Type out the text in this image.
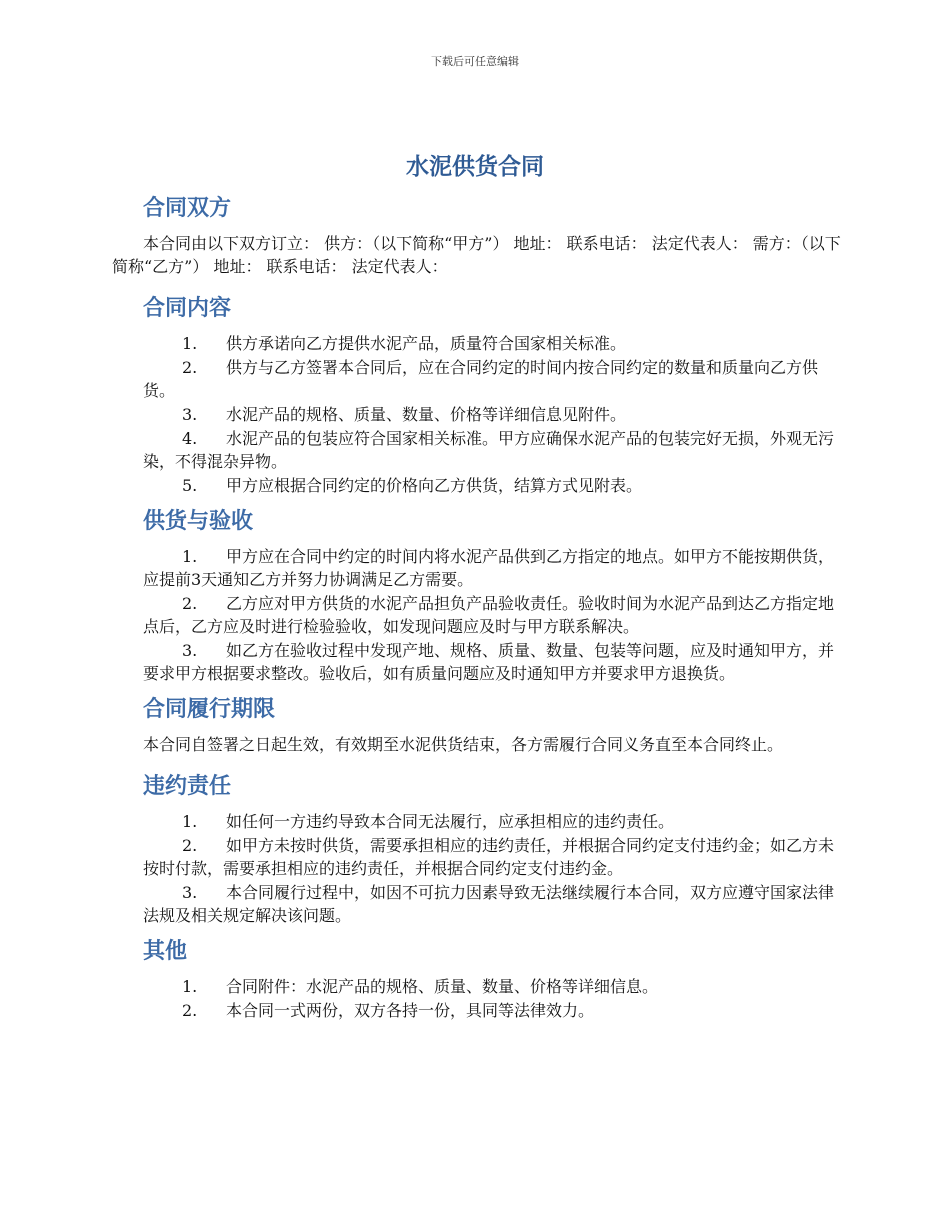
下载后可任意编辑
水泥供货合同
合同双方

本合同由以下双方订立： 供方：（以下简称“甲方”） 地址： 联系电话： 法定代表人： 需方：（以下简称“乙方”） 地址： 联系电话： 法定代表人：

合同内容
1. 供方承诺向乙方提供水泥产品，质量符合国家相关标准。
2. 供方与乙方签署本合同后，应在合同约定的时间内按合同约定的数量和质量向乙方供货。
3. 水泥产品的规格、质量、数量、价格等详细信息见附件。
4. 水泥产品的包装应符合国家相关标准。甲方应确保水泥产品的包装完好无损，外观无污染，不得混杂异物。
5. 甲方应根据合同约定的价格向乙方供货，结算方式见附表。
供货与验收
1. 甲方应在合同中约定的时间内将水泥产品供到乙方指定的地点。如甲方不能按期供货，应提前3天通知乙方并努力协调满足乙方需要。
2. 乙方应对甲方供货的水泥产品担负产品验收责任。验收时间为水泥产品到达乙方指定地点后，乙方应及时进行检验验收，如发现问题应及时与甲方联系解决。
3. 如乙方在验收过程中发现产地、规格、质量、数量、包装等问题，应及时通知甲方，并要求甲方根据要求整改。验收后，如有质量问题应及时通知甲方并要求甲方退换货。
合同履行期限

本合同自签署之日起生效，有效期至水泥供货结束，各方需履行合同义务直至本合同终止。

违约责任
1. 如任何一方违约导致本合同无法履行，应承担相应的违约责任。
2. 如甲方未按时供货，需要承担相应的违约责任，并根据合同约定支付违约金；如乙方未按时付款，需要承担相应的违约责任，并根据合同约定支付违约金。
3. 本合同履行过程中，如因不可抗力因素导致无法继续履行本合同，双方应遵守国家法律法规及相关规定解决该问题。
其他
1. 合同附件：水泥产品的规格、质量、数量、价格等详细信息。
2. 本合同一式两份，双方各持一份，具同等法律效力。
